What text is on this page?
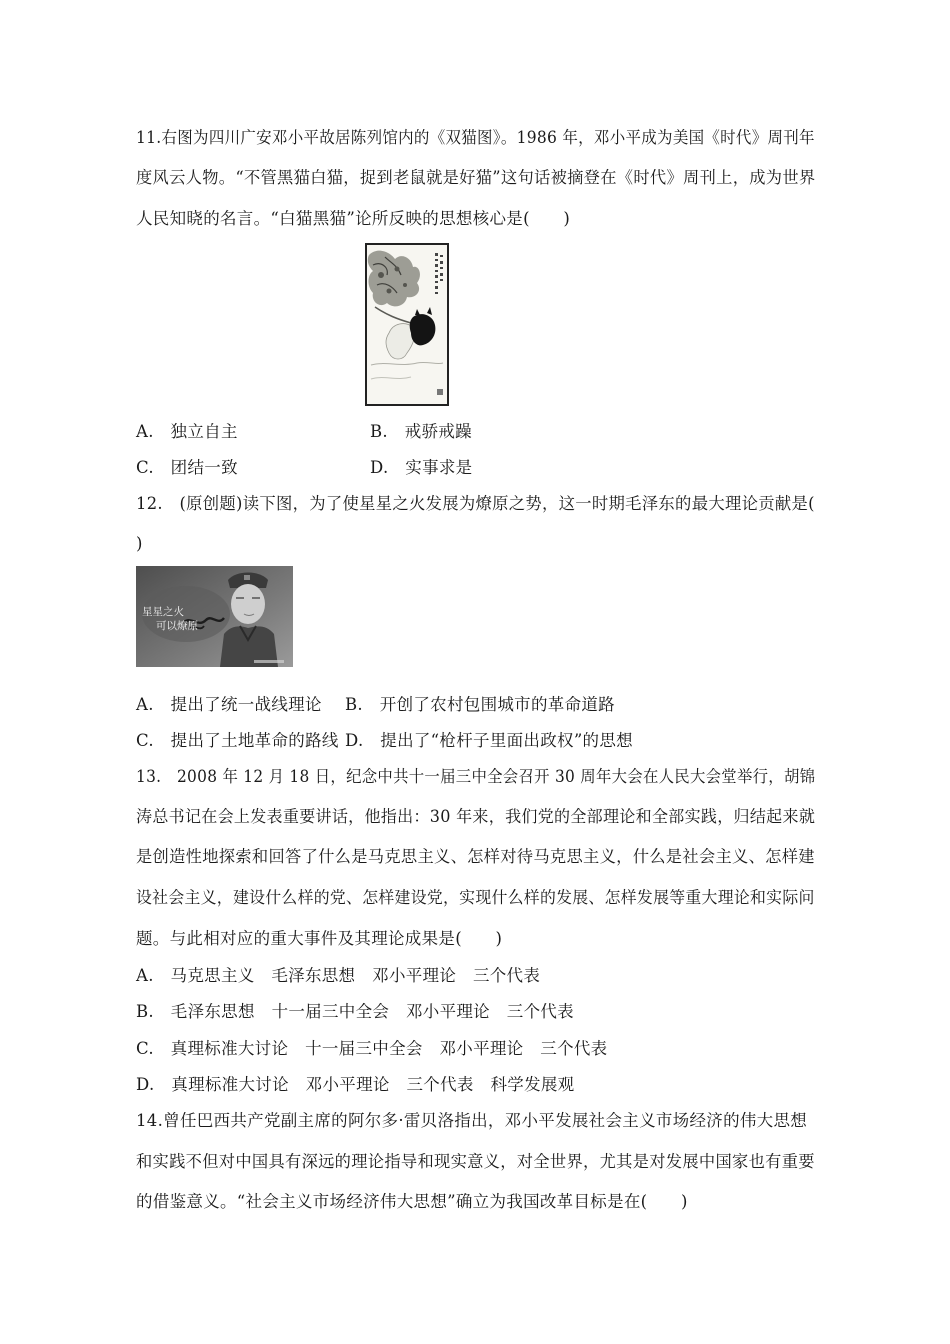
11.右图为四川广安邓小平故居陈列馆内的《双猫图》。1986 年，邓小平成为美国《时代》周刊年
度风云人物。“不管黑猫白猫，捉到老鼠就是好猫”这句话被摘登在《时代》周刊上，成为世界
人民知晓的名言。“白猫黑猫”论所反映的思想核心是(　　)
A.　独立自主	B.　戒骄戒躁
C.　团结一致	D.　实事求是
12.　(原创题)读下图，为了使星星之火发展为燎原之势，这一时期毛泽东的最大理论贡献是(
)
星星之火
可以燎原
A.　提出了统一战线理论 B.　开创了农村包围城市的革命道路
C.　提出了土地革命的路线 D.　提出了“枪杆子里面出政权”的思想
13.　2008 年 12 月 18 日，纪念中共十一届三中全会召开 30 周年大会在人民大会堂举行，胡锦
涛总书记在会上发表重要讲话，他指出：30 年来，我们党的全部理论和全部实践，归结起来就
是创造性地探索和回答了什么是马克思主义、怎样对待马克思主义，什么是社会主义、怎样建
设社会主义，建设什么样的党、怎样建设党，实现什么样的发展、怎样发展等重大理论和实际问
题。与此相对应的重大事件及其理论成果是(　　)
A.　马克思主义　毛泽东思想　邓小平理论　三个代表
B.　毛泽东思想　十一届三中全会　邓小平理论　三个代表
C.　真理标准大讨论　十一届三中全会　邓小平理论　三个代表
D.　真理标准大讨论　邓小平理论　三个代表　科学发展观
14.曾任巴西共产党副主席的阿尔多·雷贝洛指出，邓小平发展社会主义市场经济的伟大思想
和实践不但对中国具有深远的理论指导和现实意义，对全世界，尤其是对发展中国家也有重要
的借鉴意义。“社会主义市场经济伟大思想”确立为我国改革目标是在(　　)
